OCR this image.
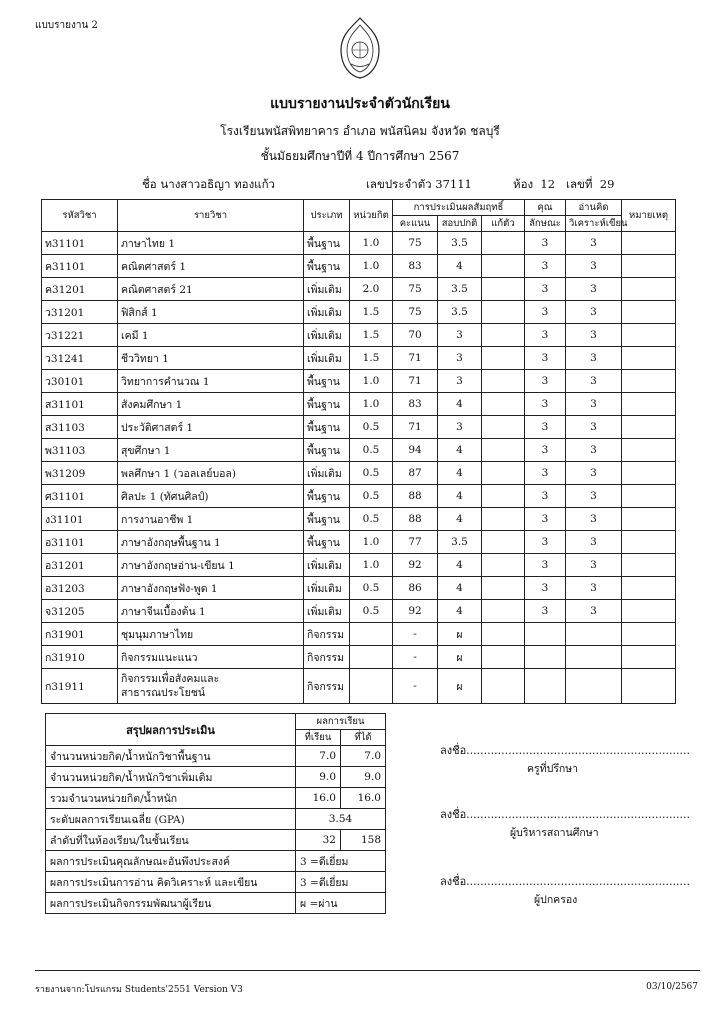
แบบรายงาน 2
แบบรายงานประจำตัวนักเรียน
โรงเรียนพนัสพิทยาคาร อำเภอ พนัสนิคม จังหวัด ชลบุรี
ชั้นมัธยมศึกษาปีที่ 4 ปีการศึกษา 2567
ชื่อ นางสาวอธิญา ทองแก้ว	เลขประจำตัว 37111	ห้อง 12 เลขที่ 29
รหัสวิชา	รายวิชา	ประเภท	หน่วยกิต	การประเมินผลสัมฤทธิ์			คุณ	อ่านคิด	หมายเหตุ
				คะแนน	สอบปกติ	แก้ตัว	ลักษณะ	วิเคราะห์เขียน	
ท31101	ภาษาไทย 1	พื้นฐาน	1.0	75	3.5		3	3	
ค31101	คณิตศาสตร์ 1	พื้นฐาน	1.0	83	4		3	3	
ค31201	คณิตศาสตร์ 21	เพิ่มเติม	2.0	75	3.5		3	3	
ว31201	ฟิสิกส์ 1	เพิ่มเติม	1.5	75	3.5		3	3	
ว31221	เคมี 1	เพิ่มเติม	1.5	70	3		3	3	
ว31241	ชีววิทยา 1	เพิ่มเติม	1.5	71	3		3	3	
ว30101	วิทยาการคำนวณ 1	พื้นฐาน	1.0	71	3		3	3	
ส31101	สังคมศึกษา 1	พื้นฐาน	1.0	83	4		3	3	
ส31103	ประวัติศาสตร์ 1	พื้นฐาน	0.5	71	3		3	3	
พ31103	สุขศึกษา 1	พื้นฐาน	0.5	94	4		3	3	
พ31209	พลศึกษา 1 (วอลเลย์บอล)	เพิ่มเติม	0.5	87	4		3	3	
ศ31101	ศิลปะ 1 (ทัศนศิลป์)	พื้นฐาน	0.5	88	4		3	3	
ง31101	การงานอาชีพ 1	พื้นฐาน	0.5	88	4		3	3	
อ31101	ภาษาอังกฤษพื้นฐาน 1	พื้นฐาน	1.0	77	3.5		3	3	
อ31201	ภาษาอังกฤษอ่าน-เขียน 1	เพิ่มเติม	1.0	92	4		3	3	
อ31203	ภาษาอังกฤษฟัง-พูด 1	เพิ่มเติม	0.5	86	4		3	3	
จ31205	ภาษาจีนเบื้องต้น 1	เพิ่มเติม	0.5	92	4		3	3	
ก31901	ชุมนุมภาษาไทย	กิจกรรม		-	ผ				
ก31910	กิจกรรมแนะแนว	กิจกรรม		-	ผ				
ก31911	กิจกรรมเพื่อสังคมและสาธารณประโยชน์	กิจกรรม		-	ผ				
สรุปผลการประเมิน	ผลการเรียน	
	ที่เรียน	ที่ได้
จำนวนหน่วยกิต/น้ำหนักวิชาพื้นฐาน	7.0	7.0
จำนวนหน่วยกิต/น้ำหนักวิชาเพิ่มเติม	9.0	9.0
รวมจำนวนหน่วยกิต/น้ำหนัก	16.0	16.0
ระดับผลการเรียนเฉลี่ย (GPA)	3.54	
ลำดับที่ในห้องเรียน/ในชั้นเรียน	32	158
ผลการประเมินคุณลักษณะอันพึงประสงค์	3 =ดีเยี่ยม	
ผลการประเมินการอ่าน คิดวิเคราะห์ และเขียน	3 =ดีเยี่ยม	
ผลการประเมินกิจกรรมพัฒนาผู้เรียน	ผ =ผ่าน	
ลงชื่อ................................................................
ครูที่ปรึกษา
ลงชื่อ................................................................
ผู้บริหารสถานศึกษา
ลงชื่อ................................................................
ผู้ปกครอง
รายงานจาก:โปรแกรม Students'2551 Version V3	03/10/2567
